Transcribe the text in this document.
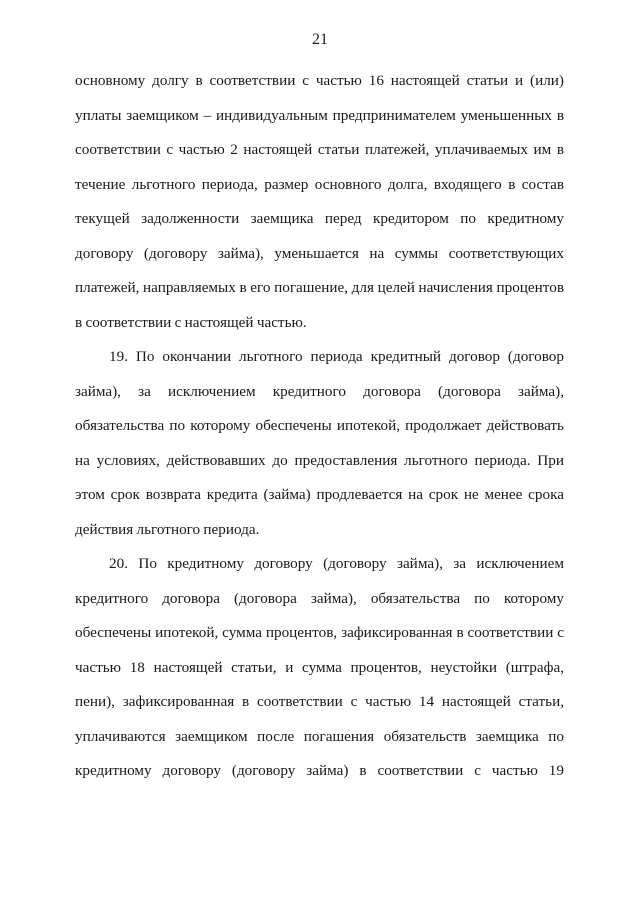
21

основному долгу в соответствии с частью 16 настоящей статьи и (или) уплаты заемщиком – индивидуальным предпринимателем уменьшенных в соответствии с частью 2 настоящей статьи платежей, уплачиваемых им в течение льготного периода, размер основного долга, входящего в состав текущей задолженности заемщика перед кредитором по кредитному договору (договору займа), уменьшается на суммы соответствующих платежей, направляемых в его погашение, для целей начисления процентов в соответствии с настоящей частью.

19. По окончании льготного периода кредитный договор (договор займа), за исключением кредитного договора (договора займа), обязательства по которому обеспечены ипотекой, продолжает действовать на условиях, действовавших до предоставления льготного периода. При этом срок возврата кредита (займа) продлевается на срок не менее срока действия льготного периода.

20. По кредитному договору (договору займа), за исключением кредитного договора (договора займа), обязательства по которому обеспечены ипотекой, сумма процентов, зафиксированная в соответствии с частью 18 настоящей статьи, и сумма процентов, неустойки (штрафа, пени), зафиксированная в соответствии с частью 14 настоящей статьи, уплачиваются заемщиком после погашения обязательств заемщика по кредитному договору (договору займа) в соответствии с частью 19
